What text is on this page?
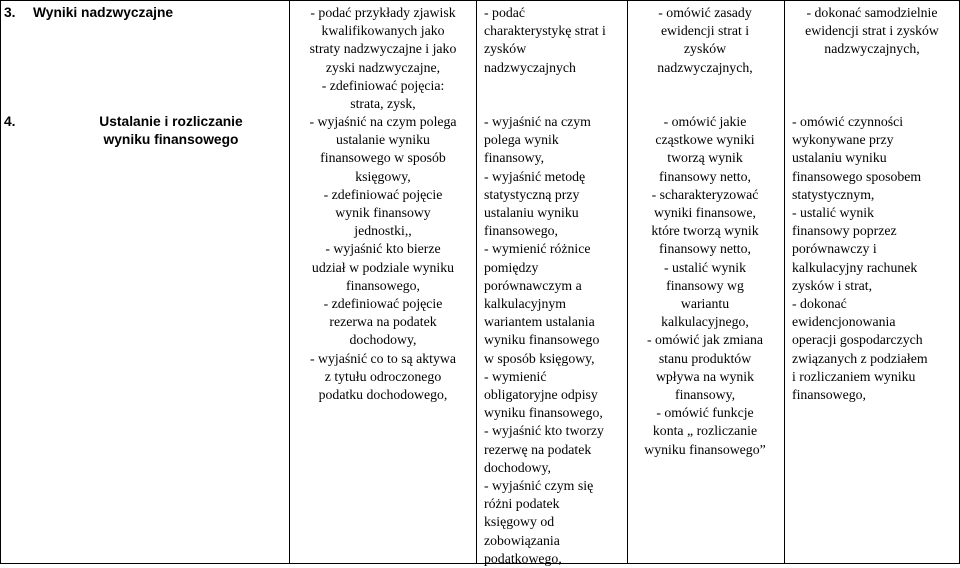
3. Wyniki nadzwyczajne	- podać przykłady zjawisk
kwalifikowanych jako
straty nadzwyczajne i jako
zyski nadzwyczajne,
- zdefiniować pojęcia:
strata, zysk,
- podać
charakterystykę strat i
zysków
nadzwyczajnych
- omówić zasady
ewidencji strat i
zysków
nadzwyczajnych,
- dokonać samodzielnie
ewidencji strat i zysków
nadzwyczajnych,
4.	Ustalanie i rozliczanie
wyniku finansowego
- wyjaśnić na czym polega
ustalanie wyniku
finansowego w sposób
księgowy,
- zdefiniować pojęcie
wynik finansowy
jednostki,,
- wyjaśnić kto bierze
udział w podziale wyniku
finansowego,
- zdefiniować pojęcie
rezerwa na podatek
dochodowy,
- wyjaśnić co to są aktywa
z tytułu odroczonego
podatku dochodowego,
- wyjaśnić na czym
polega wynik
finansowy,
- wyjaśnić metodę
statystyczną przy
ustalaniu wyniku
finansowego,
- wymienić różnice
pomiędzy
porównawczym a
kalkulacyjnym
wariantem ustalania
wyniku finansowego
w sposób księgowy,
- wymienić
obligatoryjne odpisy
wyniku finansowego,
- wyjaśnić kto tworzy
rezerwę na podatek
dochodowy,
- wyjaśnić czym się
różni podatek
księgowy od
zobowiązania
podatkowego,
- omówić jakie
cząstkowe wyniki
tworzą wynik
finansowy netto,
- scharakteryzować
wyniki finansowe,
które tworzą wynik
finansowy netto,
- ustalić wynik
finansowy wg
wariantu
kalkulacyjnego,
- omówić jak zmiana
stanu produktów
wpływa na wynik
finansowy,
- omówić funkcje
konta „ rozliczanie
wyniku finansowego”
- omówić czynności
wykonywane przy
ustalaniu wyniku
finansowego sposobem
statystycznym,
- ustalić wynik
finansowy poprzez
porównawczy i
kalkulacyjny rachunek
zysków i strat,
- dokonać
ewidencjonowania
operacji gospodarczych
związanych z podziałem
i rozliczaniem wyniku
finansowego,
